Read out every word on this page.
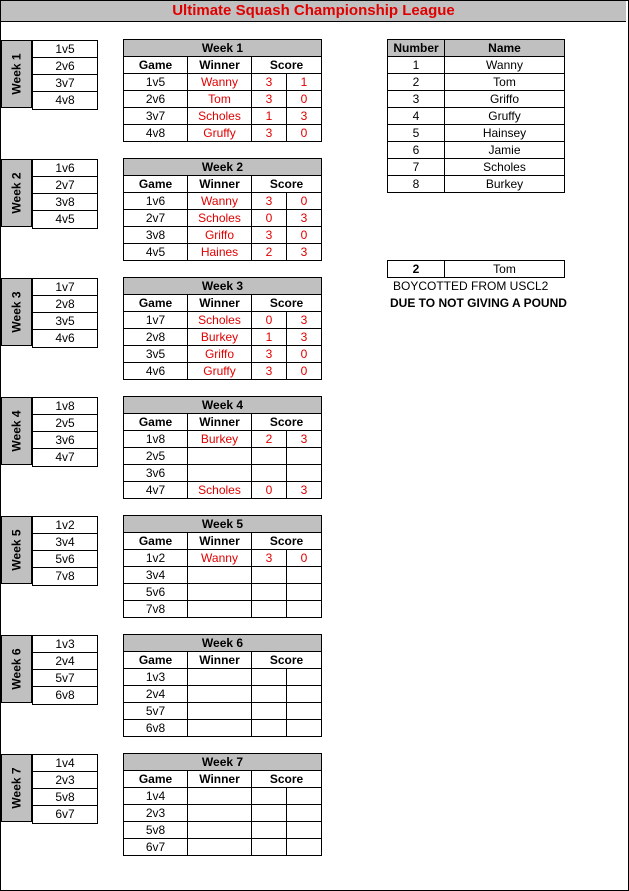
Ultimate Squash Championship League
Week 1
1v5
2v6
3v7
4v8
Week 1			
Game	Winner	Score	
1v5	Wanny	3	1
2v6	Tom	3	0
3v7	Scholes	1	3
4v8	Gruffy	3	0
Week 2
1v6
2v7
3v8
4v5
Week 2			
Game	Winner	Score	
1v6	Wanny	3	0
2v7	Scholes	0	3
3v8	Griffo	3	0
4v5	Haines	2	3
Week 3
1v7
2v8
3v5
4v6
Week 3			
Game	Winner	Score	
1v7	Scholes	0	3
2v8	Burkey	1	3
3v5	Griffo	3	0
4v6	Gruffy	3	0
Week 4
1v8
2v5
3v6
4v7
Week 4			
Game	Winner	Score	
1v8	Burkey	2	3
2v5			
3v6			
4v7	Scholes	0	3
Week 5
1v2
3v4
5v6
7v8
Week 5			
Game	Winner	Score	
1v2	Wanny	3	0
3v4			
5v6			
7v8			
Week 6
1v3
2v4
5v7
6v8
Week 6			
Game	Winner	Score	
1v3			
2v4			
5v7			
6v8			
Week 7
1v4
2v3
5v8
6v7
Week 7			
Game	Winner	Score	
1v4			
2v3			
5v8			
6v7			
Number	Name
1	Wanny
2	Tom
3	Griffo
4	Gruffy
5	Hainsey
6	Jamie
7	Scholes
8	Burkey
2	Tom
BOYCOTTED FROM USCL2
DUE TO NOT GIVING A POUND
